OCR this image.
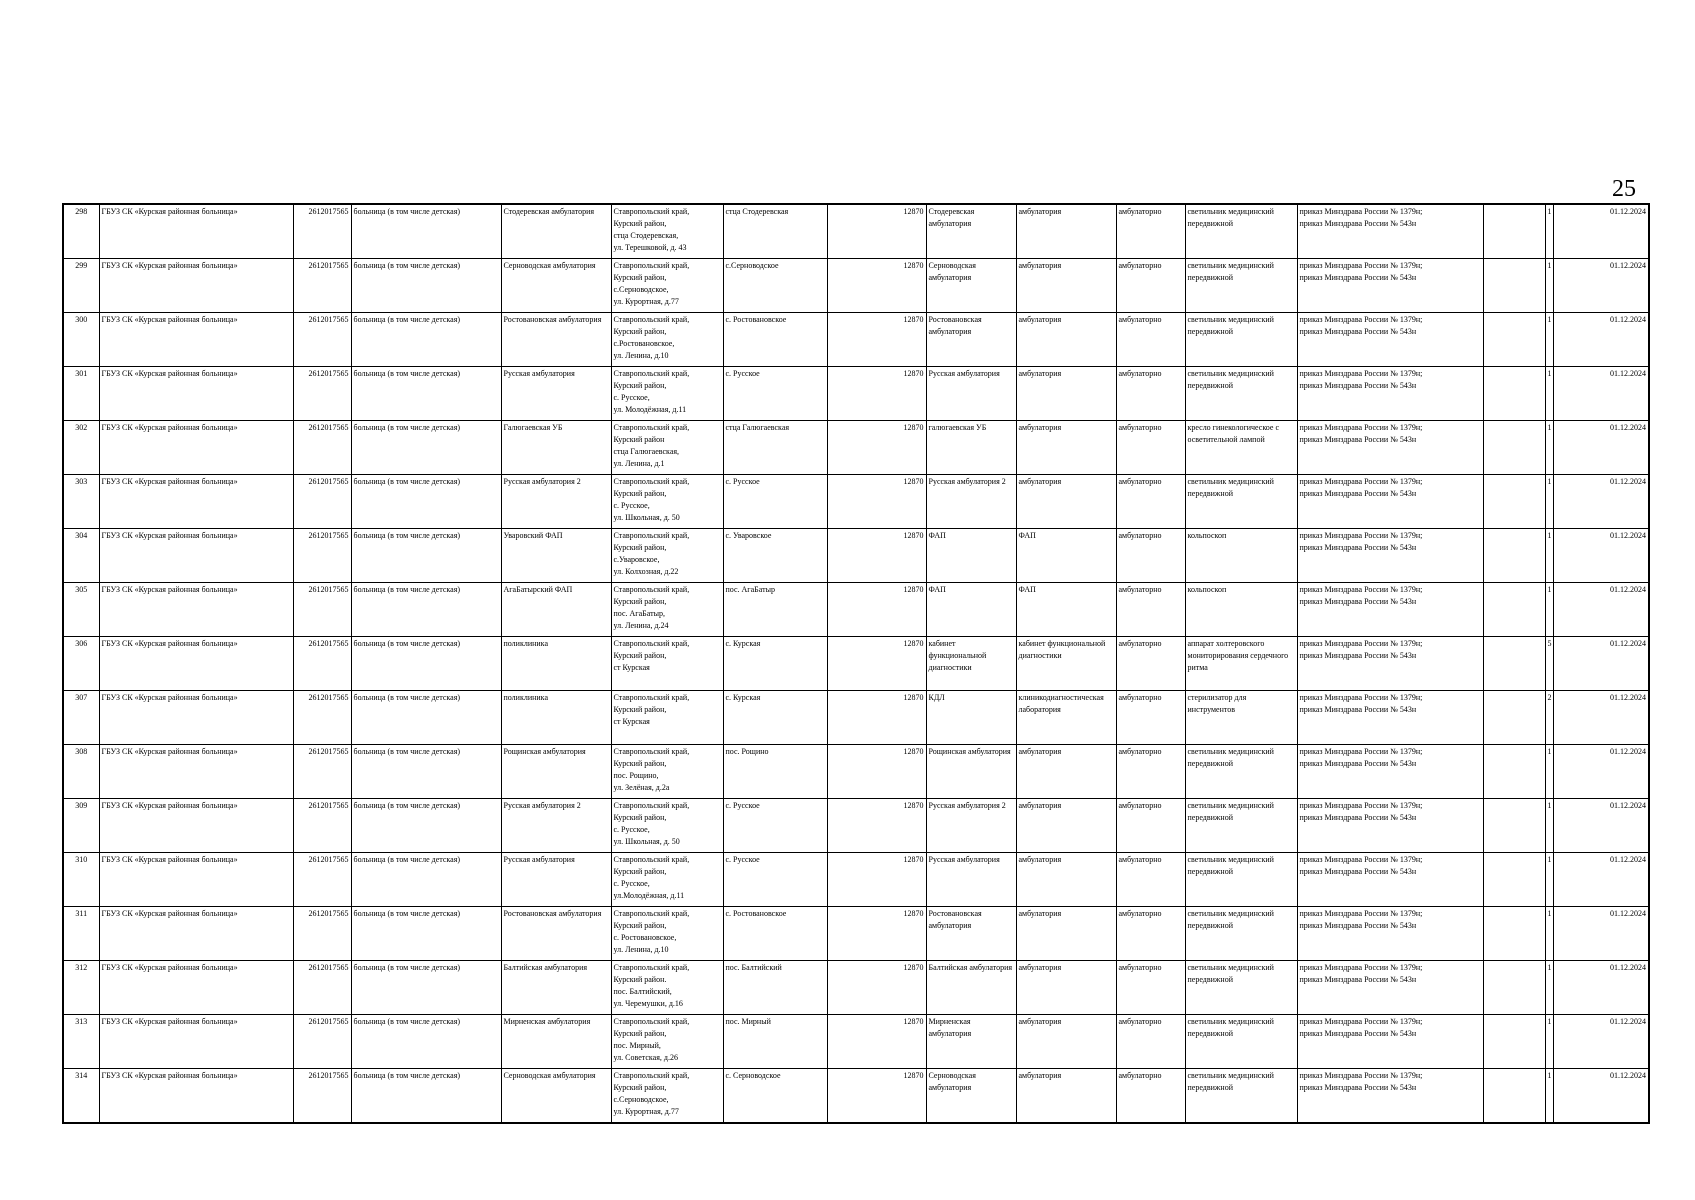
25
298	ГБУЗ СК «Курская районная больница»	2612017565	больница (в том числе детская)	Стодеревская амбулатория	Ставропольский край,
Курский район,
стца Стодеревская,
ул. Терешковой, д. 43	стца Стодеревская	12870	Стодеревская амбулатория	амбулатория	амбулаторно	светильник медицинский передвижной	приказ Минздрава России № 1379н;
приказ Минздрава России № 543н		1	01.12.2024
299	ГБУЗ СК «Курская районная больница»	2612017565	больница (в том числе детская)	Серноводская амбулатория	Ставропольский край,
Курский район,
с.Серноводское,
ул. Курортная, д.77	с.Серноводское	12870	Серноводская амбулатория	амбулатория	амбулаторно	светильник медицинский передвижной	приказ Минздрава России № 1379н;
приказ Минздрава России № 543н		1	01.12.2024
300	ГБУЗ СК «Курская районная больница»	2612017565	больница (в том числе детская)	Ростовановская амбулатория	Ставропольский край,
Курский район,
с.Ростовановское,
ул. Ленина, д.10	с. Ростовановское	12870	Ростовановская амбулатория	амбулатория	амбулаторно	светильник медицинский передвижной	приказ Минздрава России № 1379н;
приказ Минздрава России № 543н		1	01.12.2024
301	ГБУЗ СК «Курская районная больница»	2612017565	больница (в том числе детская)	Русская амбулатория	Ставропольский край,
Курский район,
с. Русское,
ул. Молодёжная, д.11	с. Русское	12870	Русская амбулатория	амбулатория	амбулаторно	светильник медицинский передвижной	приказ Минздрава России № 1379н;
приказ Минздрава России № 543н		1	01.12.2024
302	ГБУЗ СК «Курская районная больница»	2612017565	больница (в том числе детская)	Галюгаевская УБ	Ставропольский край,
Курский район
стца Галюгаевская,
ул. Ленина, д.1	стца Галюгаевская	12870	галюгаевская УБ	амбулатория	амбулаторно	кресло гинекологическое с осветительной лампой	приказ Минздрава России № 1379н;
приказ Минздрава России № 543н		1	01.12.2024
303	ГБУЗ СК «Курская районная больница»	2612017565	больница (в том числе детская)	Русская амбулатория 2	Ставропольский край,
Курский район,
с. Русское,
ул. Школьная, д. 50	с. Русское	12870	Русская амбулатория 2	амбулатория	амбулаторно	светильник медицинский передвижной	приказ Минздрава России № 1379н;
приказ Минздрава России № 543н		1	01.12.2024
304	ГБУЗ СК «Курская районная больница»	2612017565	больница (в том числе детская)	Уваровский ФАП	Ставропольский край,
Курский район,
с.Уваровское,
ул. Колхозная, д.22	с. Уваровское	12870	ФАП	ФАП	амбулаторно	кольпоскоп	приказ Минздрава России № 1379н;
приказ Минздрава России № 543н		1	01.12.2024
305	ГБУЗ СК «Курская районная больница»	2612017565	больница (в том числе детская)	АгаБатырский ФАП	Ставропольский край,
Курский район,
пос. АгаБатыр,
ул. Ленина, д.24	пос. АгаБатыр	12870	ФАП	ФАП	амбулаторно	кольпоскоп	приказ Минздрава России № 1379н;
приказ Минздрава России № 543н		1	01.12.2024
306	ГБУЗ СК «Курская районная больница»	2612017565	больница (в том числе детская)	поликлиника	Ставропольский край,
Курский район,
ст Курская	с. Курская	12870	кабинет функциональной диагностики	кабинет функциональной диагностики	амбулаторно	аппарат холтеровского мониторирования сердечного ритма	приказ Минздрава России № 1379н;
приказ Минздрава России № 543н		5	01.12.2024
307	ГБУЗ СК «Курская районная больница»	2612017565	больница (в том числе детская)	поликлиника	Ставропольский край,
Курский район,
ст Курская	с. Курская	12870	КДЛ	клиникодиагностическая лаборатория	амбулаторно	стерилизатор для инструментов	приказ Минздрава России № 1379н;
приказ Минздрава России № 543н		2	01.12.2024
308	ГБУЗ СК «Курская районная больница»	2612017565	больница (в том числе детская)	Рощинская амбулатория	Ставропольский край,
Курский район,
пос. Рощино,
ул. Зелёная, д.2а	пос. Рощино	12870	Рощинская амбулатория	амбулатория	амбулаторно	светильник медицинский передвижной	приказ Минздрава России № 1379н;
приказ Минздрава России № 543н		1	01.12.2024
309	ГБУЗ СК «Курская районная больница»	2612017565	больница (в том числе детская)	Русская амбулатория 2	Ставропольский край,
Курский район,
с. Русское,
ул. Школьная, д. 50	с. Русское	12870	Русская амбулатория 2	амбулатория	амбулаторно	светильник медицинский передвижной	приказ Минздрава России № 1379н;
приказ Минздрава России № 543н		1	01.12.2024
310	ГБУЗ СК «Курская районная больница»	2612017565	больница (в том числе детская)	Русская амбулатория	Ставропольский край,
Курский район,
с. Русское,
ул.Молодёжная, д.11	с. Русское	12870	Русская амбулатория	амбулатория	амбулаторно	светильник медицинский передвижной	приказ Минздрава России № 1379н;
приказ Минздрава России № 543н		1	01.12.2024
311	ГБУЗ СК «Курская районная больница»	2612017565	больница (в том числе детская)	Ростовановская амбулатория	Ставропольский край,
Курский район,
с. Ростовановское,
ул. Ленина, д.10	с. Ростовановское	12870	Ростовановская амбулатория	амбулатория	амбулаторно	светильник медицинский передвижной	приказ Минздрава России № 1379н;
приказ Минздрава России № 543н		1	01.12.2024
312	ГБУЗ СК «Курская районная больница»	2612017565	больница (в том числе детская)	Балтийская амбулатория	Ставропольский край,
Курский район.
пос. Балтийский,
ул. Черемушки, д.16	пос. Балтийский	12870	Балтийская амбулатория	амбулатория	амбулаторно	светильник медицинский передвижной	приказ Минздрава России № 1379н;
приказ Минздрава России № 543н		1	01.12.2024
313	ГБУЗ СК «Курская районная больница»	2612017565	больница (в том числе детская)	Мирненская амбулатория	Ставропольский край,
Курский район,
пос. Мирный,
ул. Советская, д.26	пос. Мирный	12870	Мирненская амбулатория	амбулатория	амбулаторно	светильник медицинский передвижной	приказ Минздрава России № 1379н;
приказ Минздрава России № 543н		1	01.12.2024
314	ГБУЗ СК «Курская районная больница»	2612017565	больница (в том числе детская)	Серноводская амбулатория	Ставропольский край,
Курский район,
с.Серноводское,
ул. Курортная, д.77	с. Серноводское	12870	Серноводская амбулатория	амбулатория	амбулаторно	светильник медицинский передвижной	приказ Минздрава России № 1379н;
приказ Минздрава России № 543н		1	01.12.2024
